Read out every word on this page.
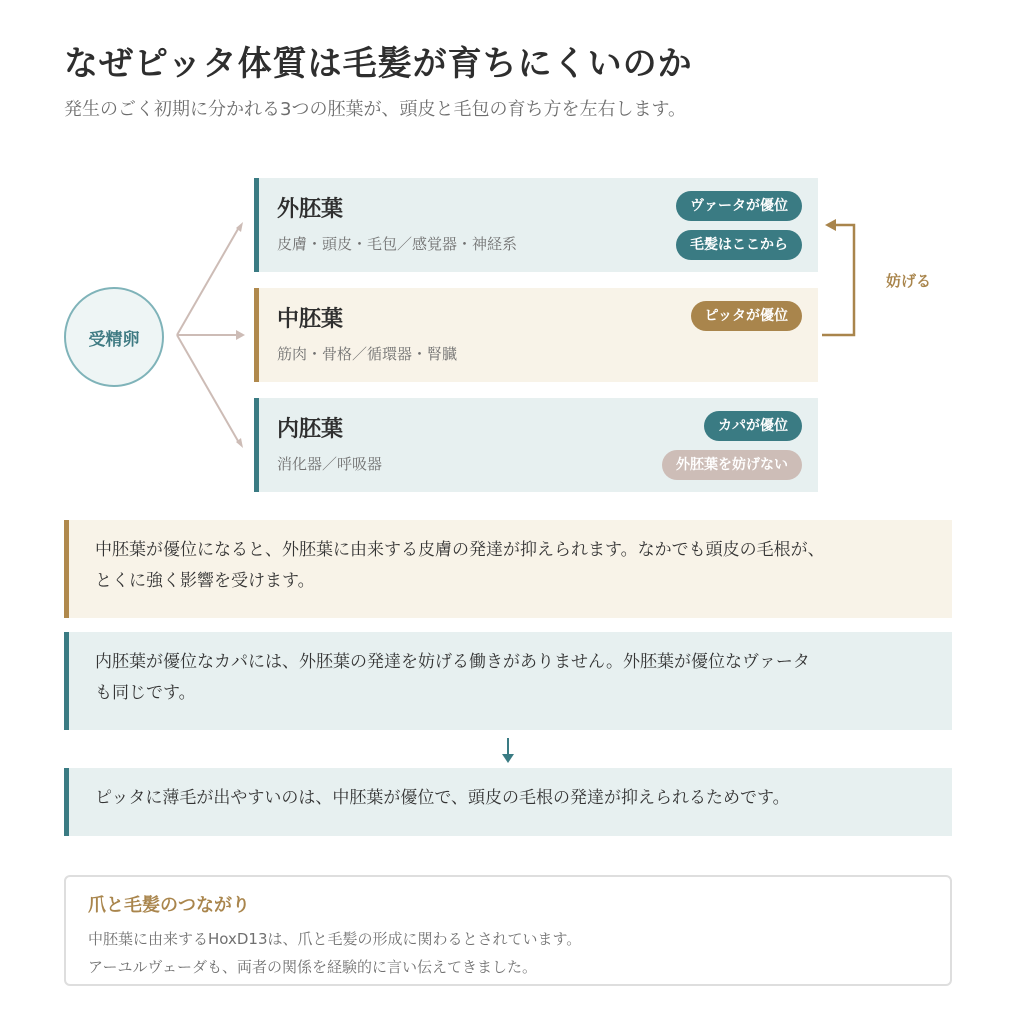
なぜピッタ体質は毛髪が育ちにくいのか
発生のごく初期に分かれる3つの胚葉が、頭皮と毛包の育ち方を左右します。
受精卵
妨げる
外胚葉
皮膚・頭皮・毛包／感覚器・神経系
ヴァータが優位
毛髪はここから
中胚葉
筋肉・骨格／循環器・腎臓
ピッタが優位
内胚葉
消化器／呼吸器
カパが優位
外胚葉を妨げない
中胚葉が優位になると、外胚葉に由来する皮膚の発達が抑えられます。なかでも頭皮の毛根が、
とくに強く影響を受けます。
内胚葉が優位なカパには、外胚葉の発達を妨げる働きがありません。外胚葉が優位なヴァータ
も同じです。
ピッタに薄毛が出やすいのは、中胚葉が優位で、頭皮の毛根の発達が抑えられるためです。
爪と毛髪のつながり
中胚葉に由来するHoxD13は、爪と毛髪の形成に関わるとされています。
アーユルヴェーダも、両者の関係を経験的に言い伝えてきました。
